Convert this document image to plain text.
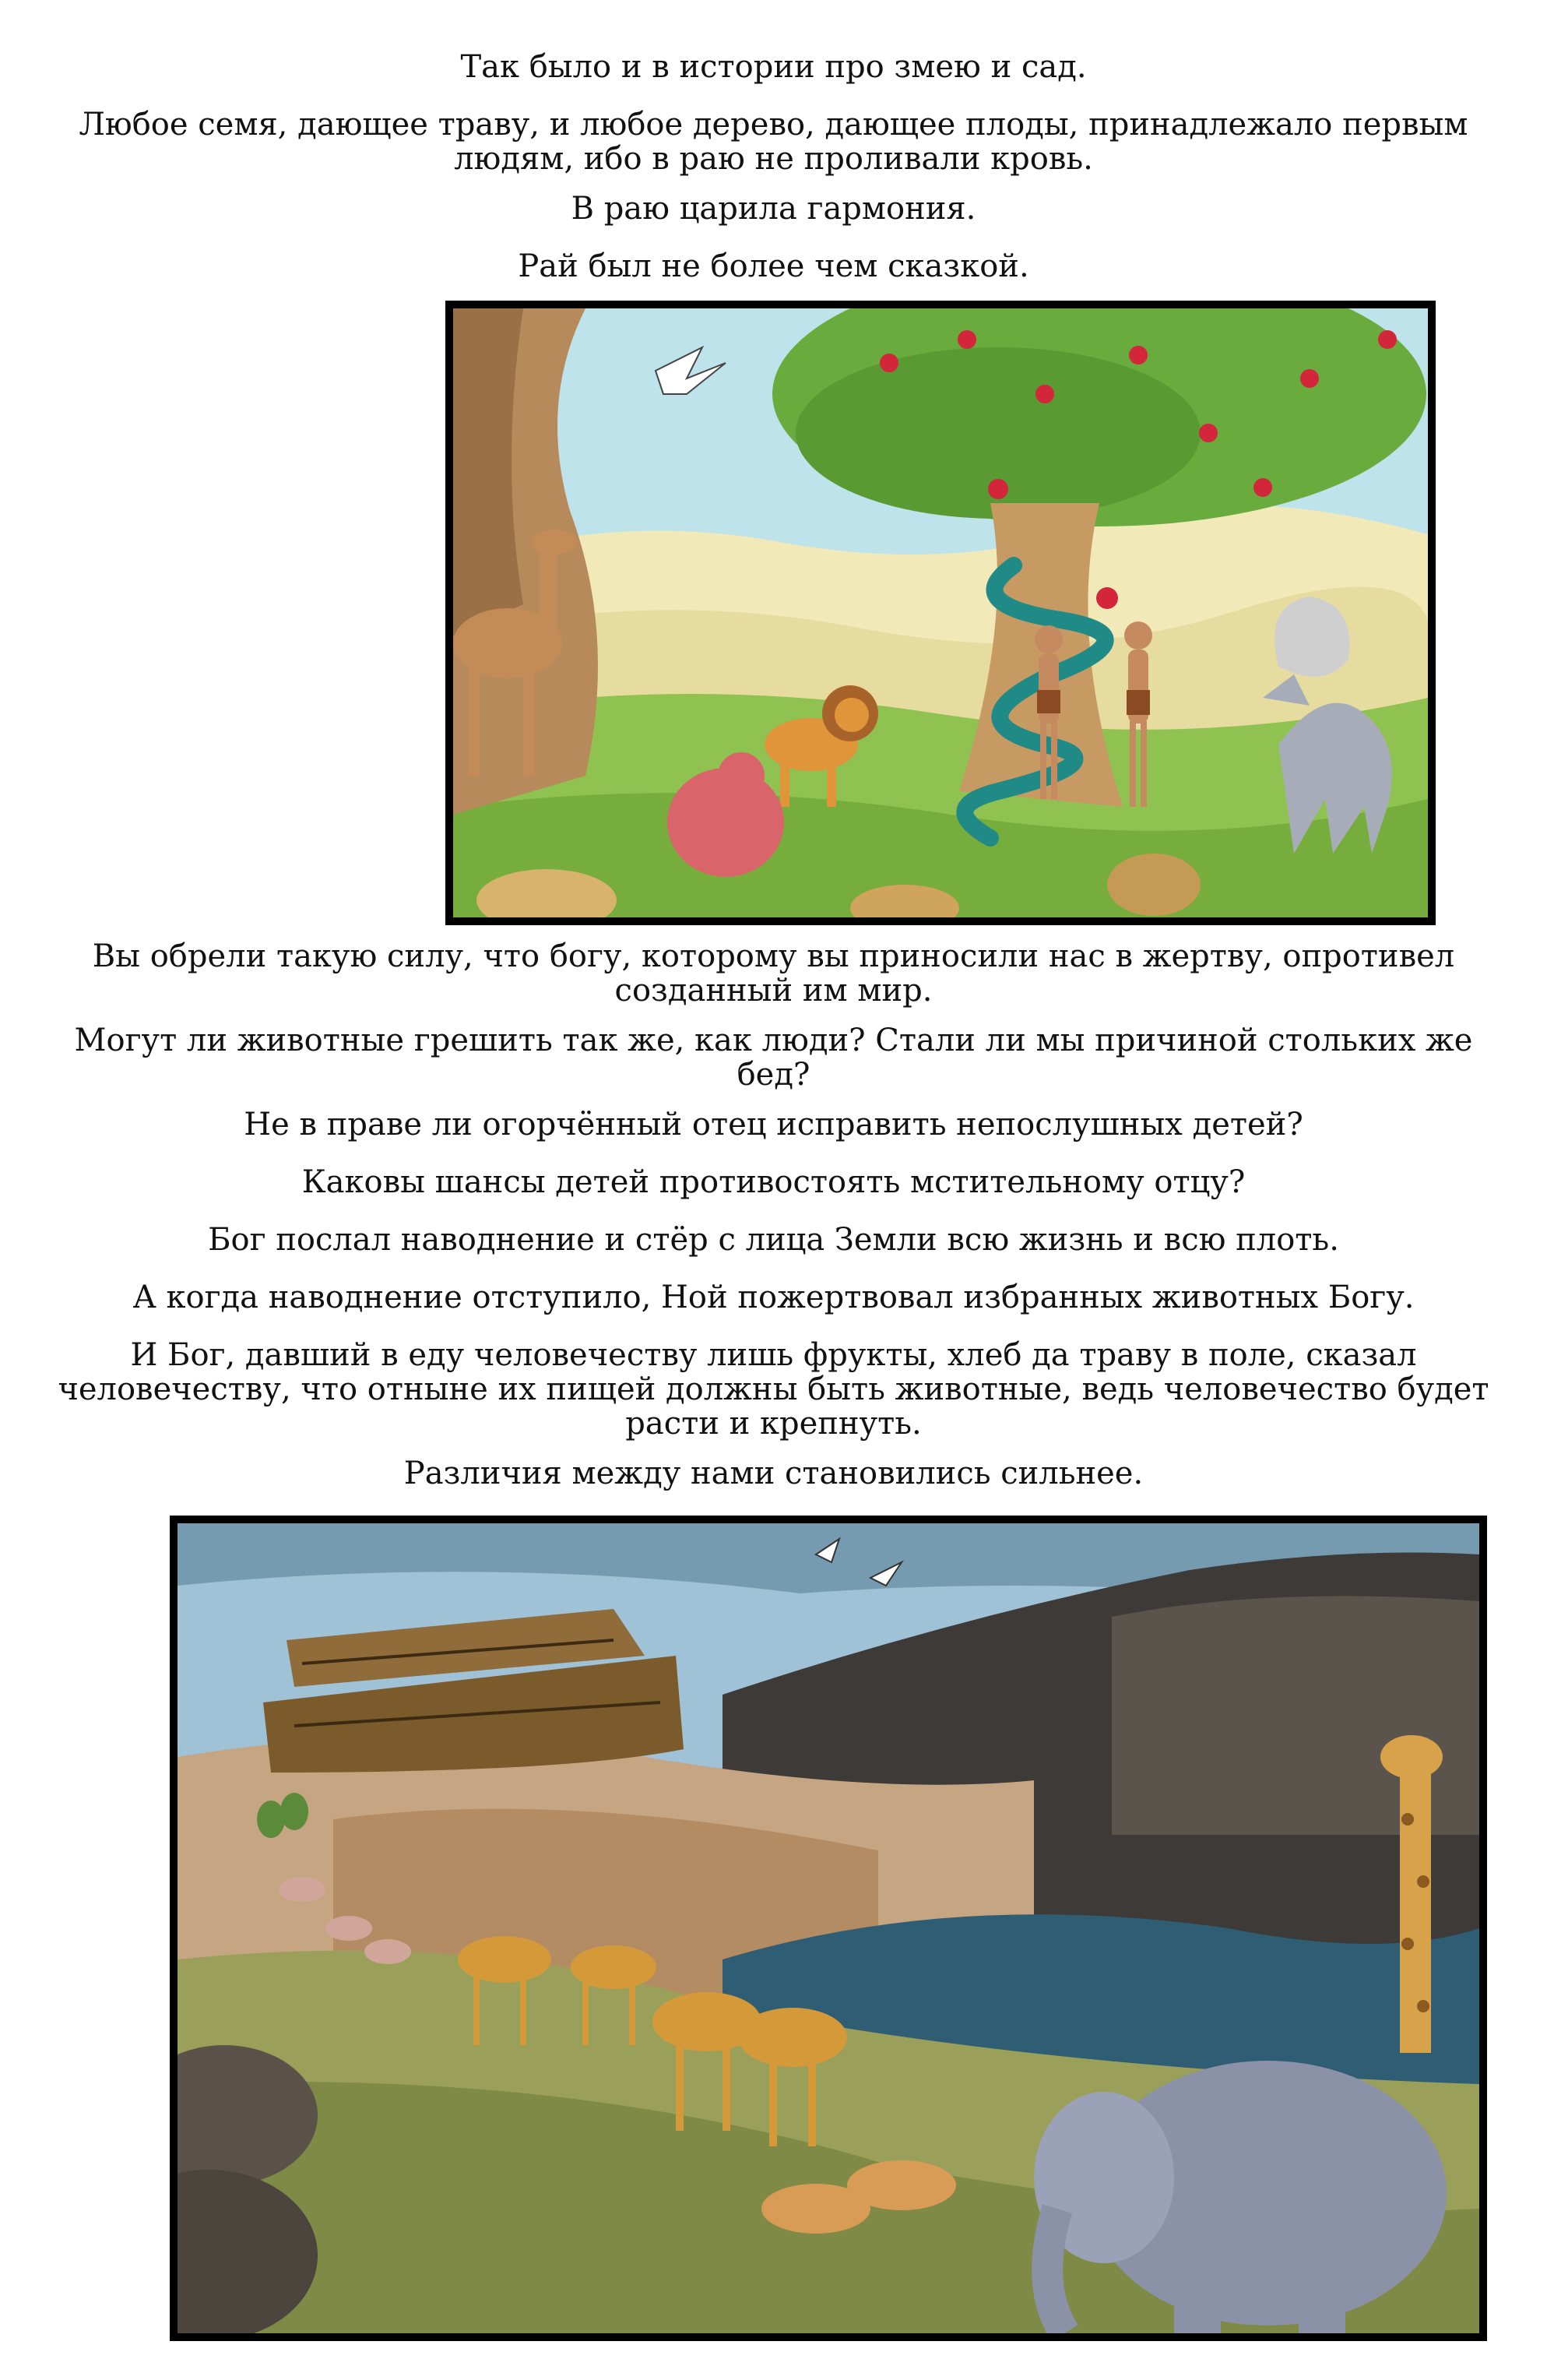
Так было и в истории про змею и сад.

Любое семя, дающее траву, и любое дерево, дающее плоды, принадлежало первым людям, ибо в раю не проливали кровь.

В раю царила гармония.

Рай был не более чем сказкой.

Вы обрели такую силу, что богу, которому вы приносили нас в жертву, опротивел созданный им мир.

Могут ли животные грешить так же, как люди? Стали ли мы причиной стольких же бед?

Не в праве ли огорчённый отец исправить непослушных детей?

Каковы шансы детей противостоять мстительному отцу?

Бог послал наводнение и стёр с лица Земли всю жизнь и всю плоть.

А когда наводнение отступило, Ной пожертвовал избранных животных Богу.

И Бог, давший в еду человечеству лишь фрукты, хлеб да траву в поле, сказал человечеству, что отныне их пищей должны быть животные, ведь человечество будет расти и крепнуть.

Различия между нами становились сильнее.
